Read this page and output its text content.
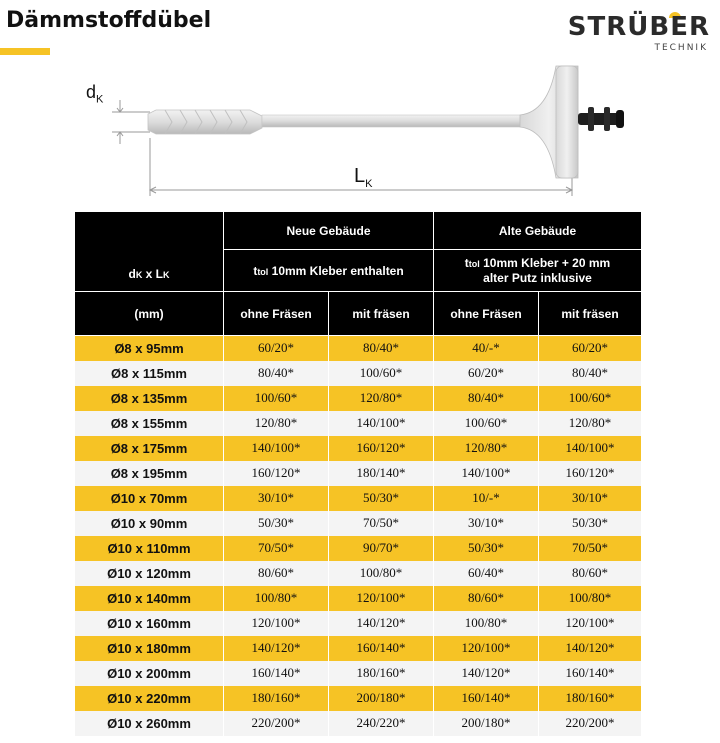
Dämmstoffdübel	STRÜBER
TECHNIK
$d_K$
$L_K$
dK x LK	Neue Gebäude		Alte Gebäude	
	ttol 10mm Kleber enthalten		ttol 10mm Kleber + 20 mm
alter Putz inklusive	
(mm)	ohne Fräsen	mit fräsen	ohne Fräsen	mit fräsen
Ø8 x 95mm	60/20*	80/40*	40/-*	60/20*
Ø8 x 115mm	80/40*	100/60*	60/20*	80/40*
Ø8 x 135mm	100/60*	120/80*	80/40*	100/60*
Ø8 x 155mm	120/80*	140/100*	100/60*	120/80*
Ø8 x 175mm	140/100*	160/120*	120/80*	140/100*
Ø8 x 195mm	160/120*	180/140*	140/100*	160/120*
Ø10 x 70mm	30/10*	50/30*	10/-*	30/10*
Ø10 x 90mm	50/30*	70/50*	30/10*	50/30*
Ø10 x 110mm	70/50*	90/70*	50/30*	70/50*
Ø10 x 120mm	80/60*	100/80*	60/40*	80/60*
Ø10 x 140mm	100/80*	120/100*	80/60*	100/80*
Ø10 x 160mm	120/100*	140/120*	100/80*	120/100*
Ø10 x 180mm	140/120*	160/140*	120/100*	140/120*
Ø10 x 200mm	160/140*	180/160*	140/120*	160/140*
Ø10 x 220mm	180/160*	200/180*	160/140*	180/160*
Ø10 x 260mm	220/200*	240/220*	200/180*	220/200*
